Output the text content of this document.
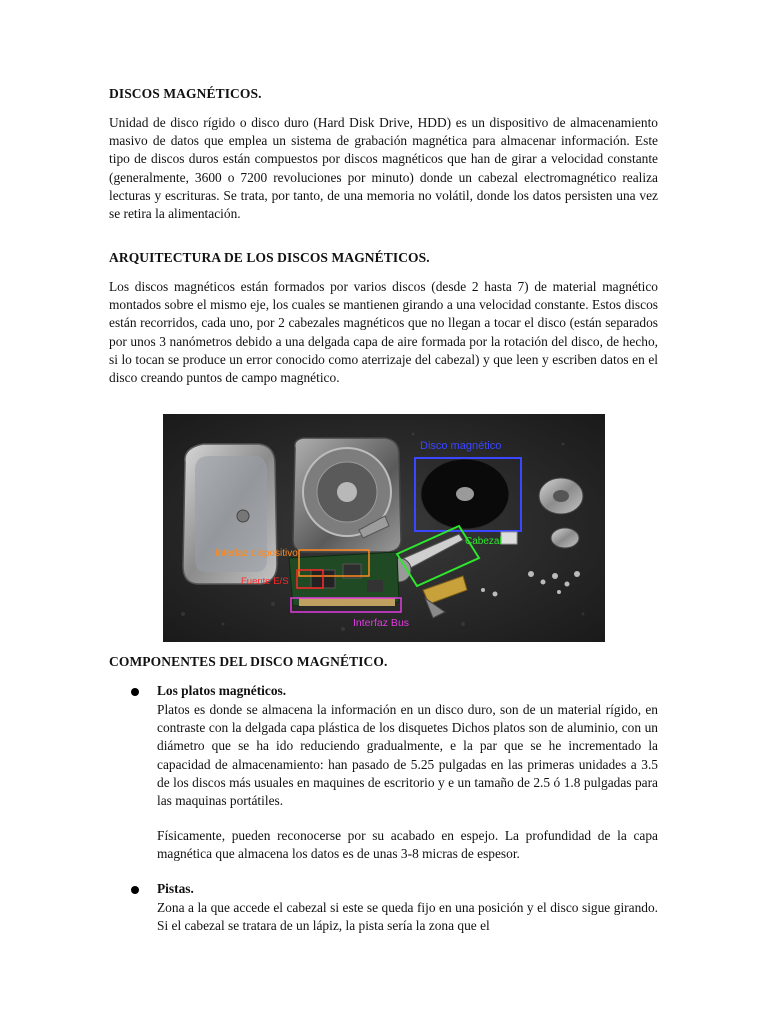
DISCOS MAGNÉTICOS.

Unidad de disco rígido o disco duro (Hard Disk Drive, HDD) es un dispositivo de almacenamiento masivo de datos que emplea un sistema de grabación magnética para almacenar información. Este tipo de discos duros están compuestos por discos magnéticos que han de girar a velocidad constante (generalmente, 3600 o 7200 revoluciones por minuto) donde un cabezal electromagnético realiza lecturas y escrituras. Se trata, por tanto, de una memoria no volátil, donde los datos persisten una vez se retira la alimentación.

ARQUITECTURA DE LOS DISCOS MAGNÉTICOS.

Los discos magnéticos están formados por varios discos (desde 2 hasta 7) de material magnético montados sobre el mismo eje, los cuales se mantienen girando a una velocidad constante. Estos discos están recorridos, cada uno, por 2 cabezales magnéticos que no llegan a tocar el disco (están separados por unos 3 nanómetros debido a una delgada capa de aire formada por la rotación del disco, de hecho, si lo tocan se produce un error conocido como aterrizaje del cabezal) y que leen y escriben datos en el disco creando puntos de campo magnético.

Disco magnético
Cabezal
Interfaz dispositivo
Fuente E/S
Interfaz Bus
COMPONENTES DEL DISCO MAGNÉTICO.
Los platos magnéticos.

Platos es donde se almacena la información en un disco duro, son de un material rígido, en contraste con la delgada capa plástica de los disquetes Dichos platos son de aluminio, con un diámetro que se ha ido reduciendo gradualmente, e la par que se he incrementado la capacidad de almacenamiento: han pasado de 5.25 pulgadas en las primeras unidades a 3.5 de los discos más usuales en maquines de escritorio y e un tamaño de 2.5 ó 1.8 pulgadas para las maquinas portátiles.

Físicamente, pueden reconocerse por su acabado en espejo. La profundidad de la capa magnética que almacena los datos es de unas 3-8 micras de espesor.

Pistas.

Zona a la que accede el cabezal si este se queda fijo en una posición y el disco sigue girando. Si el cabezal se tratara de un lápiz, la pista sería la zona que el
